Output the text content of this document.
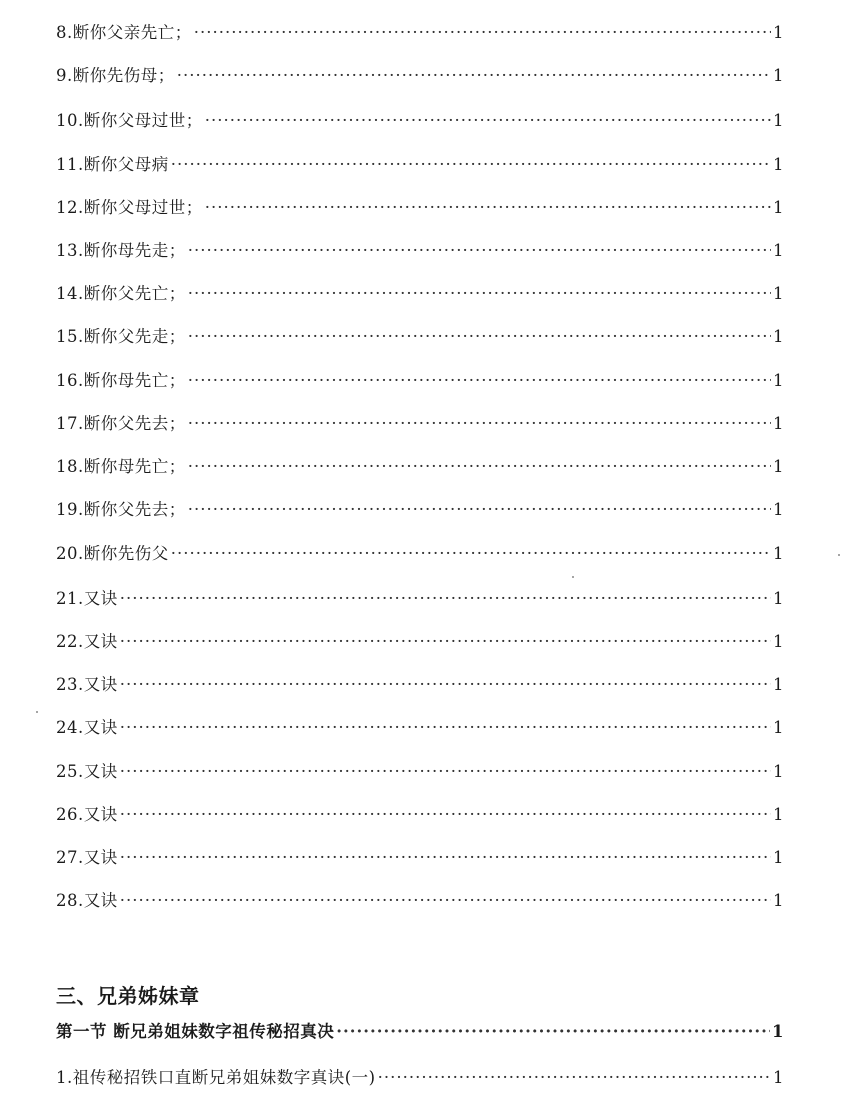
8.断你父亲先亡； ·····	1
9.断你先伤母； ·····	1
10.断你父母过世； ·····	1
11.断你父母病 ·····	1
12.断你父母过世； ·····	1
13.断你母先走； ·····	1
14.断你父先亡； ·····	1
15.断你父先走； ·····	1
16.断你母先亡； ·····	1
17.断你父先去； ·····	1
18.断你母先亡； ·····	1
19.断你父先去； ·····	1
20.断你先伤父 ·····	1
21.又诀 ·····	1
22.又诀 ·····	1
23.又诀 ·····	1
24.又诀 ·····	1
25.又诀 ·····	1
26.又诀 ·····	1
27.又诀 ·····	1
28.又诀 ·····	1
三、兄弟姊妹章
第一节 断兄弟姐妹数字祖传秘招真决 ·····	1
1.祖传秘招铁口直断兄弟姐妹数字真诀(一) ·····	1
